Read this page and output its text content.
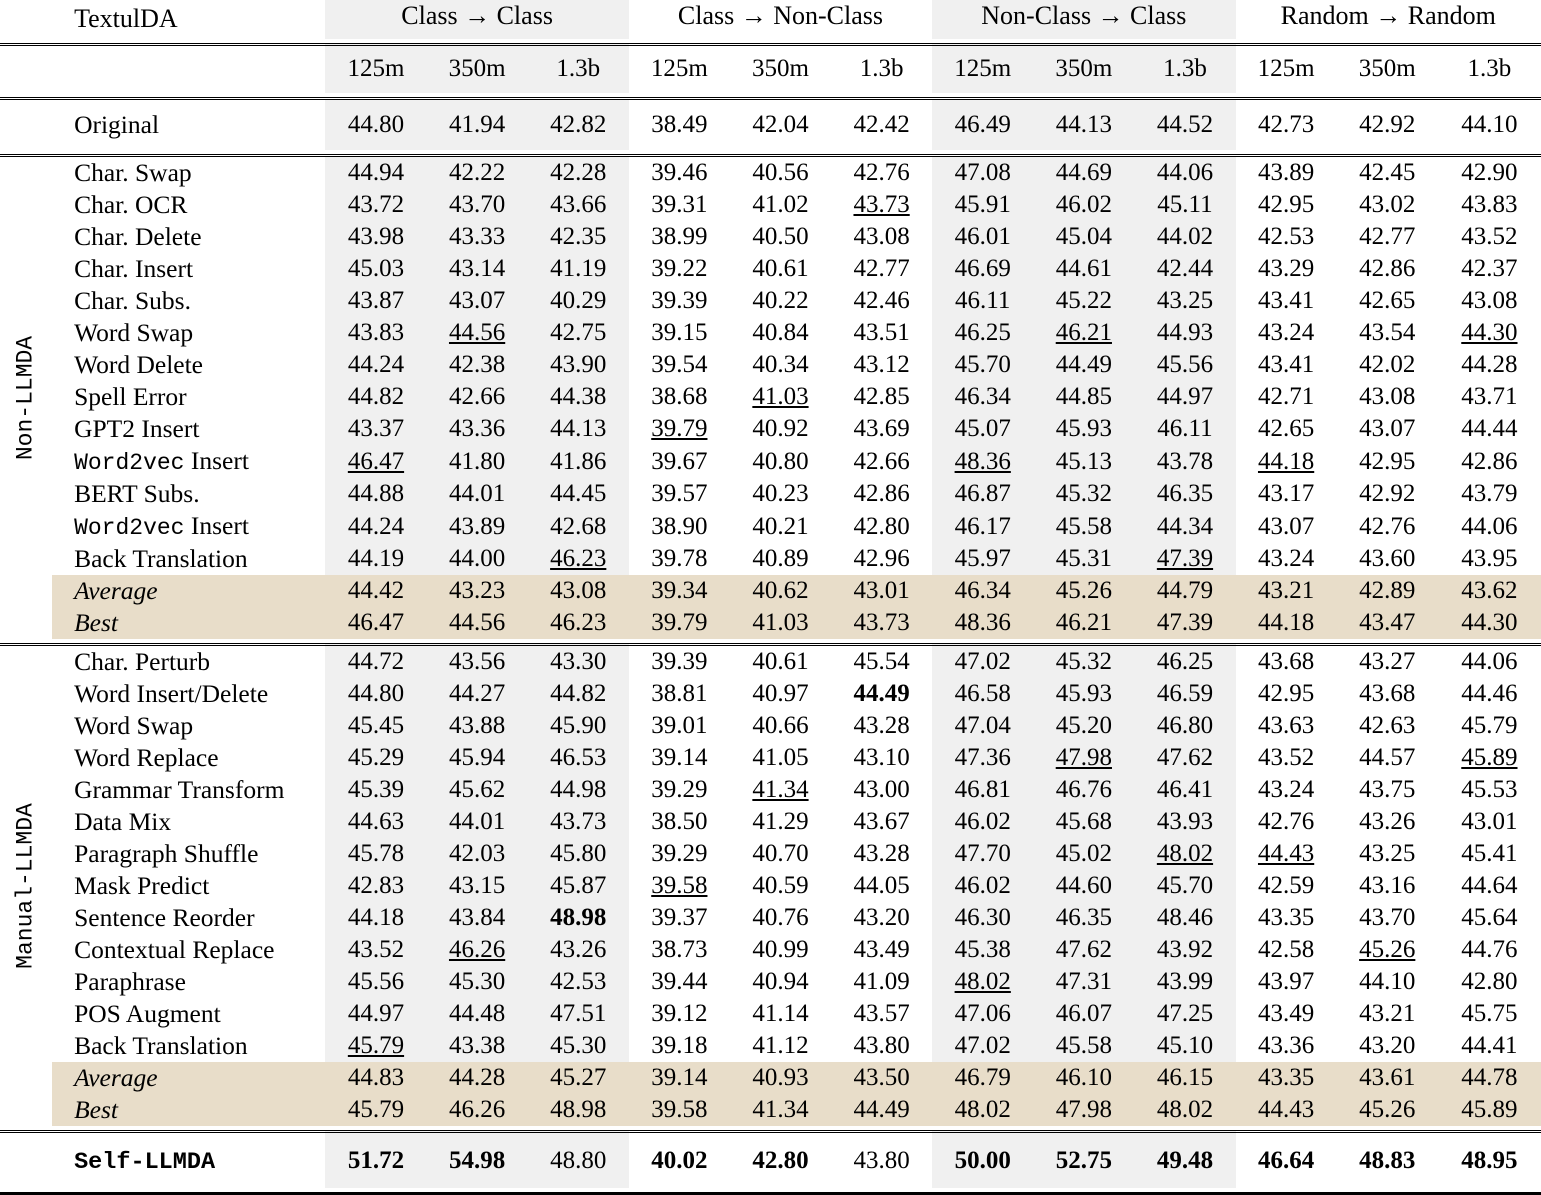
	TextulDA	Class → Class			Class → Non-Class			Non-Class → Class			Random → Random		

		125m	350m	1.3b	125m	350m	1.3b	125m	350m	1.3b	125m	350m	1.3b

	Original	44.80	41.94	42.82	38.49	42.04	42.42	46.49	44.13	44.52	42.73	42.92	44.10

Non-LLMDA	Char. Swap	44.94	42.22	42.28	39.46	40.56	42.76	47.08	44.69	44.06	43.89	42.45	42.90
	Char. OCR	43.72	43.70	43.66	39.31	41.02	43.73	45.91	46.02	45.11	42.95	43.02	43.83
	Char. Delete	43.98	43.33	42.35	38.99	40.50	43.08	46.01	45.04	44.02	42.53	42.77	43.52
	Char. Insert	45.03	43.14	41.19	39.22	40.61	42.77	46.69	44.61	42.44	43.29	42.86	42.37
	Char. Subs.	43.87	43.07	40.29	39.39	40.22	42.46	46.11	45.22	43.25	43.41	42.65	43.08
	Word Swap	43.83	44.56	42.75	39.15	40.84	43.51	46.25	46.21	44.93	43.24	43.54	44.30
	Word Delete	44.24	42.38	43.90	39.54	40.34	43.12	45.70	44.49	45.56	43.41	42.02	44.28
	Spell Error	44.82	42.66	44.38	38.68	41.03	42.85	46.34	44.85	44.97	42.71	43.08	43.71
	GPT2 Insert	43.37	43.36	44.13	39.79	40.92	43.69	45.07	45.93	46.11	42.65	43.07	44.44
	Word2vec Insert	46.47	41.80	41.86	39.67	40.80	42.66	48.36	45.13	43.78	44.18	42.95	42.86
	BERT Subs.	44.88	44.01	44.45	39.57	40.23	42.86	46.87	45.32	46.35	43.17	42.92	43.79
	Word2vec Insert	44.24	43.89	42.68	38.90	40.21	42.80	46.17	45.58	44.34	43.07	42.76	44.06
	Back Translation	44.19	44.00	46.23	39.78	40.89	42.96	45.97	45.31	47.39	43.24	43.60	43.95
	Average	44.42	43.23	43.08	39.34	40.62	43.01	46.34	45.26	44.79	43.21	42.89	43.62
	Best	46.47	44.56	46.23	39.79	41.03	43.73	48.36	46.21	47.39	44.18	43.47	44.30

Manual-LLMDA	Char. Perturb	44.72	43.56	43.30	39.39	40.61	45.54	47.02	45.32	46.25	43.68	43.27	44.06
	Word Insert/Delete	44.80	44.27	44.82	38.81	40.97	44.49	46.58	45.93	46.59	42.95	43.68	44.46
	Word Swap	45.45	43.88	45.90	39.01	40.66	43.28	47.04	45.20	46.80	43.63	42.63	45.79
	Word Replace	45.29	45.94	46.53	39.14	41.05	43.10	47.36	47.98	47.62	43.52	44.57	45.89
	Grammar Transform	45.39	45.62	44.98	39.29	41.34	43.00	46.81	46.76	46.41	43.24	43.75	45.53
	Data Mix	44.63	44.01	43.73	38.50	41.29	43.67	46.02	45.68	43.93	42.76	43.26	43.01
	Paragraph Shuffle	45.78	42.03	45.80	39.29	40.70	43.28	47.70	45.02	48.02	44.43	43.25	45.41
	Mask Predict	42.83	43.15	45.87	39.58	40.59	44.05	46.02	44.60	45.70	42.59	43.16	44.64
	Sentence Reorder	44.18	43.84	48.98	39.37	40.76	43.20	46.30	46.35	48.46	43.35	43.70	45.64
	Contextual Replace	43.52	46.26	43.26	38.73	40.99	43.49	45.38	47.62	43.92	42.58	45.26	44.76
	Paraphrase	45.56	45.30	42.53	39.44	40.94	41.09	48.02	47.31	43.99	43.97	44.10	42.80
	POS Augment	44.97	44.48	47.51	39.12	41.14	43.57	47.06	46.07	47.25	43.49	43.21	45.75
	Back Translation	45.79	43.38	45.30	39.18	41.12	43.80	47.02	45.58	45.10	43.36	43.20	44.41
	Average	44.83	44.28	45.27	39.14	40.93	43.50	46.79	46.10	46.15	43.35	43.61	44.78
	Best	45.79	46.26	48.98	39.58	41.34	44.49	48.02	47.98	48.02	44.43	45.26	45.89

	Self-LLMDA	51.72	54.98	48.80	40.02	42.80	43.80	50.00	52.75	49.48	46.64	48.83	48.95
